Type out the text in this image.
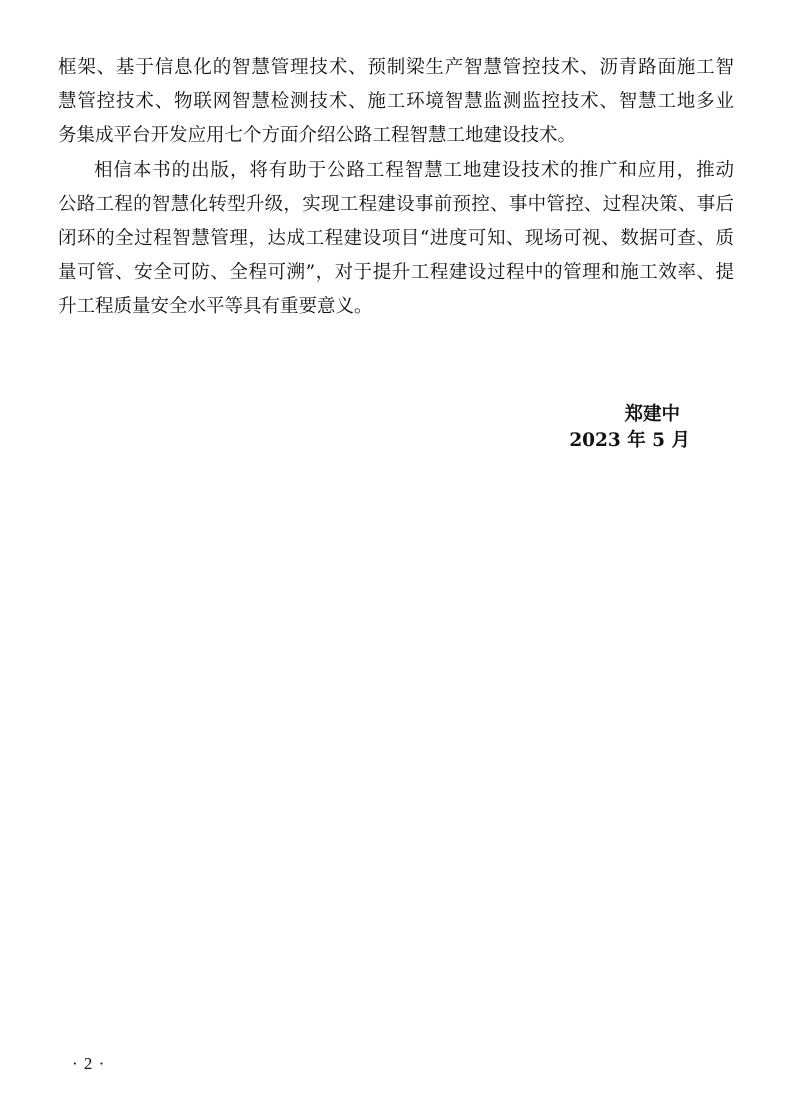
框架、基于信息化的智慧管理技术、预制梁生产智慧管控技术、沥青路面施工智
慧管控技术、物联网智慧检测技术、施工环境智慧监测监控技术、智慧工地多业
务集成平台开发应用七个方面介绍公路工程智慧工地建设技术。
相信本书的出版，将有助于公路工程智慧工地建设技术的推广和应用，推动
公路工程的智慧化转型升级，实现工程建设事前预控、事中管控、过程决策、事后
闭环的全过程智慧管理，达成工程建设项目“进度可知、现场可视、数据可查、质
量可管、安全可防、全程可溯”，对于提升工程建设过程中的管理和施工效率、提
升工程质量安全水平等具有重要意义。
郑建中
2023 年 5 月
· 2 ·
